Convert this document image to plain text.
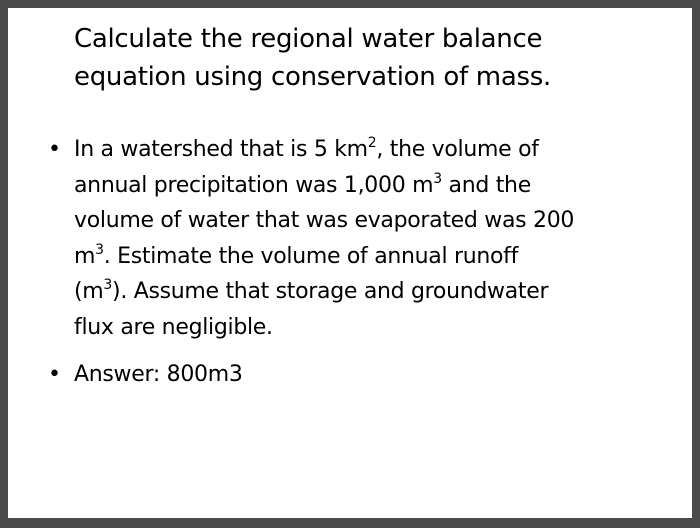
Calculate the regional water balance
equation using conservation of mass.
• In a watershed that is 5 $km^2$, the volume of
annual precipitation was 1,000 $m^3$ and the
volume of water that was evaporated was 200
$m^3$. Estimate the volume of annual runoff
$(m^3)$. Assume that storage and groundwater
flux are negligible.
• Answer: 800m3
